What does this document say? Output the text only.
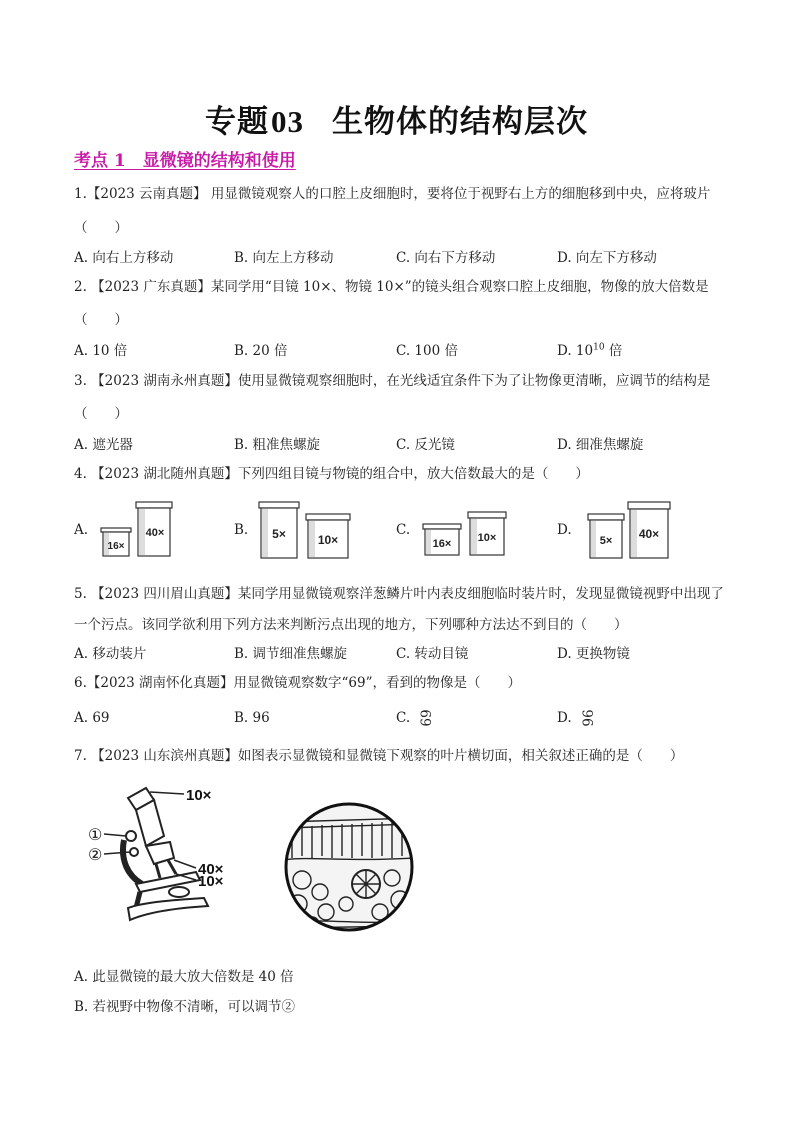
专题03 生物体的结构层次
考点 1　显微镜的结构和使用
1.【2023 云南真题】 用显微镜观察人的口腔上皮细胞时，要将位于视野右上方的细胞移到中央，应将玻片
（　　）
A. 向右上方移动	B. 向左上方移动	C. 向右下方移动	D. 向左下方移动
2. 【2023 广东真题】某同学用“目镜 10×、物镜 10×”的镜头组合观察口腔上皮细胞，物像的放大倍数是
（　　）
A. 10 倍	B. 20 倍	C. 100 倍	D. $10^{10}$ 倍
3. 【2023 湖南永州真题】使用显微镜观察细胞时，在光线适宜条件下为了让物像更清晰，应调节的结构是
（　　）
A. 遮光器	B. 粗准焦螺旋	C. 反光镜	D. 细准焦螺旋
4. 【2023 湖北随州真题】下列四组目镜与物镜的组合中，放大倍数最大的是（　　）
A.	B.	C.	D.
16×
40×	5×	10×	16× 10×	5× 40×
5. 【2023 四川眉山真题】某同学用显微镜观察洋葱鳞片叶内表皮细胞临时装片时，发现显微镜视野中出现了一个污点。该同学欲利用下列方法来判断污点出现的地方，下列哪种方法达不到目的（　　）
A. 移动装片	B. 调节细准焦螺旋	C. 转动目镜	D. 更换物镜
6.【2023 湖南怀化真题】用显微镜观察数字“69”，看到的物像是（　　）
A. 69	B. 96	C. 69	D. 96
7. 【2023 山东滨州真题】如图表示显微镜和显微镜下观察的叶片横切面，相关叙述正确的是（　　）
10×
①
②
40×
10×
A. 此显微镜的最大放大倍数是 40 倍
B. 若视野中物像不清晰，可以调节②
